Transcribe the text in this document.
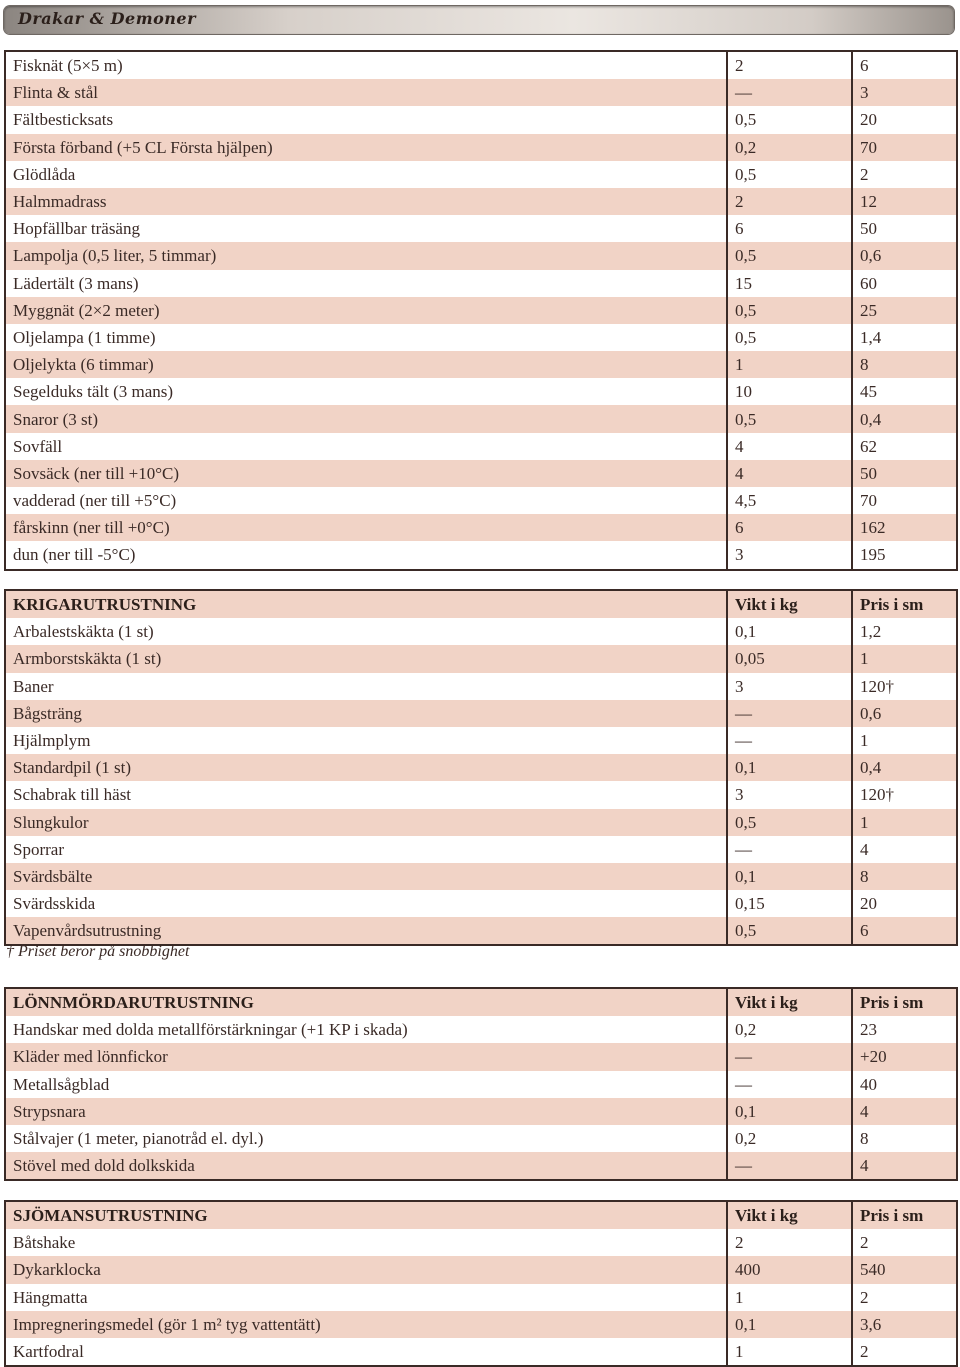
Drakar & Demoner
Fisknät (5×5 m)	2	6
Flinta & stål	—	3
Fältbesticksats	0,5	20
Första förband (+5 CL Första hjälpen)	0,2	70
Glödlåda	0,5	2
Halmmadrass	2	12
Hopfällbar träsäng	6	50
Lampolja (0,5 liter, 5 timmar)	0,5	0,6
Lädertält (3 mans)	15	60
Myggnät (2×2 meter)	0,5	25
Oljelampa (1 timme)	0,5	1,4
Oljelykta (6 timmar)	1	8
Segelduks tält (3 mans)	10	45
Snaror (3 st)	0,5	0,4
Sovfäll	4	62
Sovsäck (ner till +10°C)	4	50
vadderad (ner till +5°C)	4,5	70
fårskinn (ner till +0°C)	6	162
dun (ner till -5°C)	3	195
KRIGARUTRUSTNING	Vikt i kg	Pris i sm
Arbalestskäkta (1 st)	0,1	1,2
Armborstskäkta (1 st)	0,05	1
Baner	3	120†
Bågsträng	—	0,6
Hjälmplym	—	1
Standardpil (1 st)	0,1	0,4
Schabrak till häst	3	120†
Slungkulor	0,5	1
Sporrar	—	4
Svärdsbälte	0,1	8
Svärdsskida	0,15	20
Vapenvårdsutrustning	0,5	6
† Priset beror på snobbighet
LÖNNMÖRDARUTRUSTNING	Vikt i kg	Pris i sm
Handskar med dolda metallförstärkningar (+1 KP i skada)	0,2	23
Kläder med lönnfickor	—	+20
Metallsågblad	—	40
Strypsnara	0,1	4
Stålvajer (1 meter, pianotråd el. dyl.)	0,2	8
Stövel med dold dolkskida	—	4
SJÖMANSUTRUSTNING	Vikt i kg	Pris i sm
Båtshake	2	2
Dykarklocka	400	540
Hängmatta	1	2
Impregneringsmedel (gör 1 m² tyg vattentätt)	0,1	3,6
Kartfodral	1	2
